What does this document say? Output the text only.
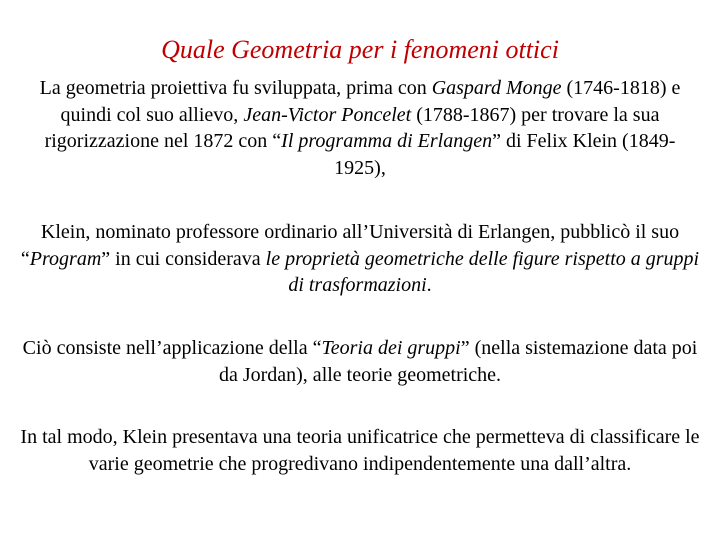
Quale Geometria per i fenomeni ottici
La geometria proiettiva fu sviluppata, prima con Gaspard Monge (1746-1818) e quindi col suo allievo, Jean-Victor Poncelet (1788-1867) per trovare la sua rigorizzazione nel 1872 con “Il programma di Erlangen” di Felix Klein (1849-1925),
Klein, nominato professore ordinario all’Università di Erlangen, pubblicò il suo “Program” in cui considerava le proprietà geometriche delle figure rispetto a gruppi di trasformazioni.
Ciò consiste nell’applicazione della “Teoria dei gruppi” (nella sistemazione data poi da Jordan), alle teorie geometriche.
In tal modo, Klein presentava una teoria unificatrice che permetteva di classificare le varie geometrie che progredivano indipendentemente una dall’altra.
